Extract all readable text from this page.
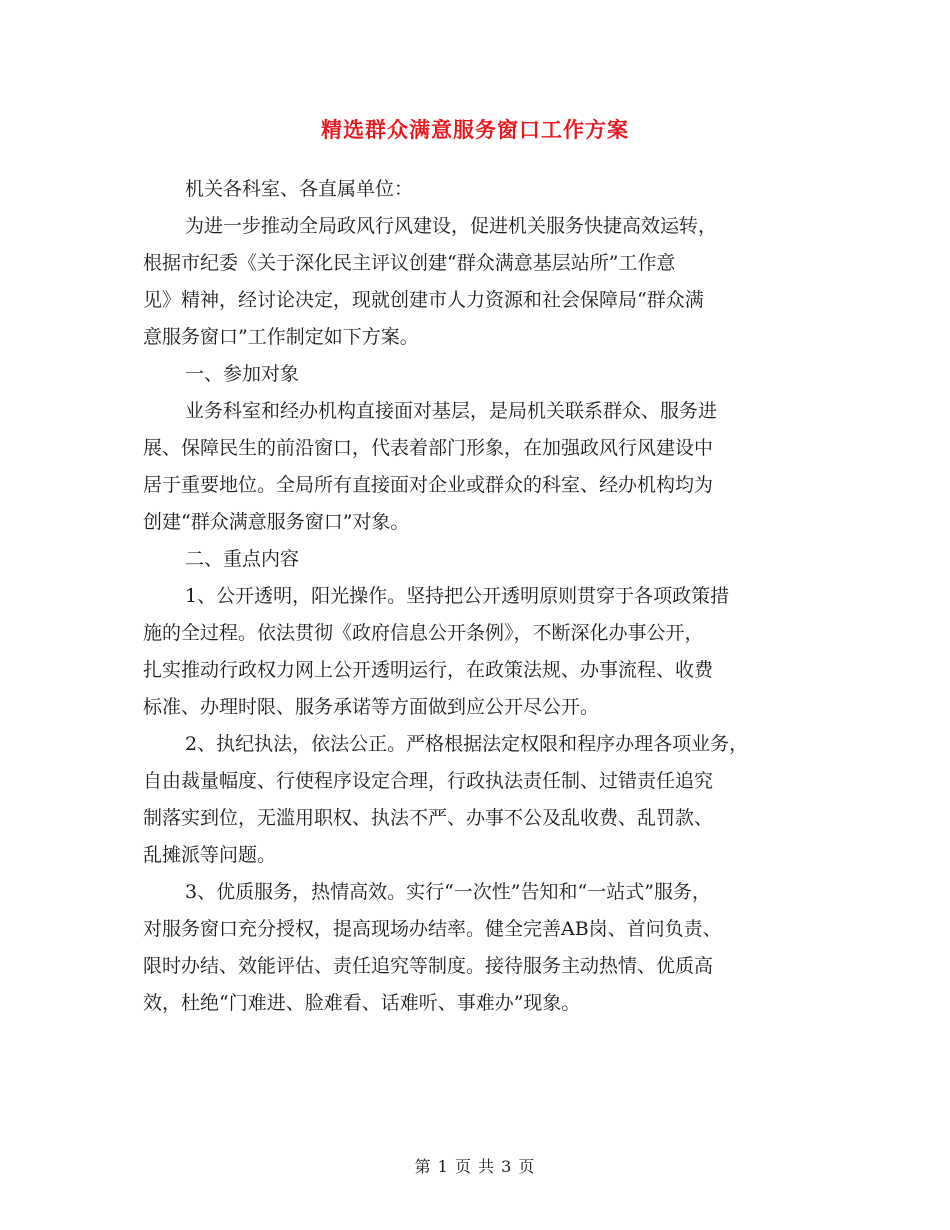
精选群众满意服务窗口工作方案
机关各科室、各直属单位：
为进一步推动全局政风行风建设，促进机关服务快捷高效运转，
根据市纪委《关于深化民主评议创建“群众满意基层站所”工作意
见》精神，经讨论决定，现就创建市人力资源和社会保障局“群众满
意服务窗口”工作制定如下方案。
一、参加对象
业务科室和经办机构直接面对基层，是局机关联系群众、服务进
展、保障民生的前沿窗口，代表着部门形象，在加强政风行风建设中
居于重要地位。全局所有直接面对企业或群众的科室、经办机构均为
创建“群众满意服务窗口”对象。
二、重点内容
1、公开透明，阳光操作。坚持把公开透明原则贯穿于各项政策措
施的全过程。依法贯彻《政府信息公开条例》，不断深化办事公开，
扎实推动行政权力网上公开透明运行，在政策法规、办事流程、收费
标准、办理时限、服务承诺等方面做到应公开尽公开。
2、执纪执法，依法公正。严格根据法定权限和程序办理各项业务，
自由裁量幅度、行使程序设定合理，行政执法责任制、过错责任追究
制落实到位，无滥用职权、执法不严、办事不公及乱收费、乱罚款、
乱摊派等问题。
3、优质服务，热情高效。实行“一次性”告知和“一站式”服务，
对服务窗口充分授权，提高现场办结率。健全完善AB岗、首问负责、
限时办结、效能评估、责任追究等制度。接待服务主动热情、优质高
效，杜绝“门难进、脸难看、话难听、事难办”现象。
第 1 页 共 3 页
